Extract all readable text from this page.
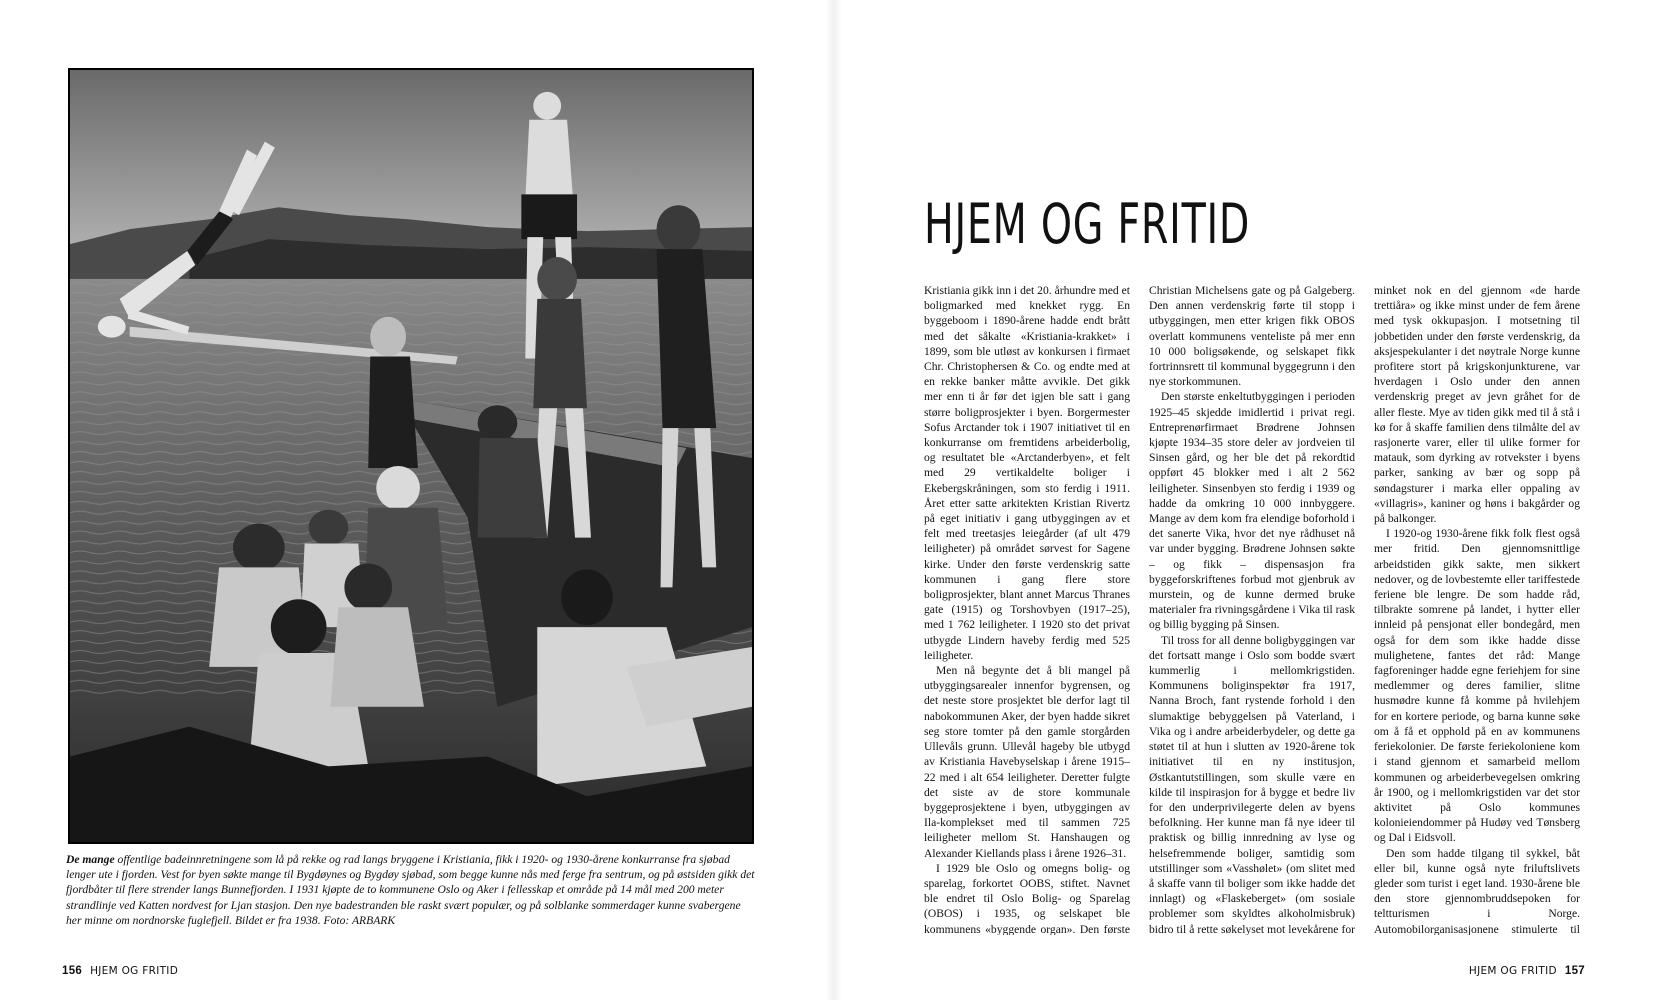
De mange offentlige badeinnretningene som lå på rekke og rad langs bryggene i Kristiania, fikk i 1920- og 1930-årene konkurranse fra sjøbad lenger ute i fjorden. Vest for byen søkte mange til Bygdøynes og Bygdøy sjøbad, som begge kunne nås med ferge fra sentrum, og på østsiden gikk det fjordbåter til flere strender langs Bunnefjorden. I 1931 kjøpte de to kommunene Oslo og Aker i fellesskap et område på 14 mål med 200 meter strandlinje ved Katten nordvest for Ljan stasjon. Den nye badestranden ble raskt svært populær, og på solblanke sommerdager kunne svabergene her minne om nordnorske fuglefjell. Bildet er fra 1938. Foto: ARBARK
156 HJEM OG FRITID
HJEM OG FRITID

Kristiania gikk inn i det 20. århundre med et boligmarked med knekket rygg. En byggeboom i 1890-årene hadde endt brått med det såkalte «Kristiania-krakket» i 1899, som ble utløst av konkursen i firmaet Chr. Christophersen & Co. og endte med at en rekke banker måtte avvikle. Det gikk mer enn ti år før det igjen ble satt i gang større boligprosjekter i byen. Borgermester Sofus Arctander tok i 1907 initiativet til en konkurranse om fremtidens arbeiderbolig, og resultatet ble «Arctanderbyen», et felt med 29 vertikaldelte boliger i Ekebergskråningen, som sto ferdig i 1911. Året etter satte arkitekten Kristian Rivertz på eget initiativ i gang utbyggingen av et felt med treetasjes leiegårder (af ult 479 leiligheter) på området sørvest for Sagene kirke. Under den første verdenskrig satte kommunen i gang flere store boligprosjekter, blant annet Marcus Thranes gate (1915) og Torshovbyen (1917–25), med 1 762 leiligheter. I 1920 sto det privat utbygde Lindern haveby ferdig med 525 leiligheter.

Men nå begynte det å bli mangel på utbyggingsarealer innenfor bygrensen, og det neste store prosjektet ble derfor lagt til nabokommunen Aker, der byen hadde sikret seg store tomter på den gamle storgården Ullevåls grunn. Ullevål hageby ble utbygd av Kristiania Havebyselskap i årene 1915–22 med i alt 654 leiligheter. Deretter fulgte det siste av de store kommunale byggeprosjektene i byen, utbyggingen av Ila-komplekset med til sammen 725 leiligheter mellom St. Hanshaugen og Alexander Kiellands plass i årene 1926–31.

I 1929 ble Oslo og omegns bolig- og sparelag, forkortet OOBS, stiftet. Navnet ble endret til Oslo Bolig- og Sparelag (OBOS) i 1935, og selskapet ble kommunens «byggende organ». Den første

Christian Michelsens gate og på Galgeberg. Den annen verdenskrig førte til stopp i utbyggingen, men etter krigen fikk OBOS overlatt kommunens venteliste på mer enn 10 000 boligsøkende, og selskapet fikk fortrinnsrett til kommunal byggegrunn i den nye storkommunen.

Den største enkeltutbyggingen i perioden 1925–45 skjedde imidlertid i privat regi. Entreprenørfirmaet Brødrene Johnsen kjøpte 1934–35 store deler av jordveien til Sinsen gård, og her ble det på rekordtid oppført 45 blokker med i alt 2 562 leiligheter. Sinsenbyen sto ferdig i 1939 og hadde da omkring 10 000 innbyggere. Mange av dem kom fra elendige boforhold i det sanerte Vika, hvor det nye rådhuset nå var under bygging. Brødrene Johnsen søkte – og fikk – dispensasjon fra byggeforskriftenes forbud mot gjenbruk av murstein, og de kunne dermed bruke materialer fra rivningsgårdene i Vika til rask og billig bygging på Sinsen.

Til tross for all denne boligbyggingen var det fortsatt mange i Oslo som bodde svært kummerlig i mellomkrigstiden. Kommunens boliginspektør fra 1917, Nanna Broch, fant rystende forhold i den slumaktige bebyggelsen på Vaterland, i Vika og i andre arbeiderbydeler, og dette ga støtet til at hun i slutten av 1920-årene tok initiativet til en ny institusjon, Østkantutstillingen, som skulle være en kilde til inspirasjon for å bygge et bedre liv for den underprivilegerte delen av byens befolkning. Her kunne man få nye ideer til praktisk og billig innredning av lyse og helsefremmende boliger, samtidig som utstillinger som «Vasshølet» (om slitet med å skaffe vann til boliger som ikke hadde det innlagt) og «Flaskeberget» (om sosiale problemer som skyldtes alkoholmisbruk) bidro til å rette søkelyset mot levekårene for

minket nok en del gjennom «de harde trettiåra» og ikke minst under de fem årene med tysk okkupasjon. I motsetning til jobbetiden under den første verdenskrig, da aksjespekulanter i det nøytrale Norge kunne profitere stort på krigskonjunkturene, var hverdagen i Oslo under den annen verdenskrig preget av jevn gråhet for de aller fleste. Mye av tiden gikk med til å stå i kø for å skaffe familien dens tilmålte del av rasjonerte varer, eller til ulike former for matauk, som dyrking av rotvekster i byens parker, sanking av bær og sopp på søndagsturer i marka eller oppaling av «villagris», kaniner og høns i bakgårder og på balkonger.

I 1920-og 1930-årene fikk folk flest også mer fritid. Den gjennomsnittlige arbeidstiden gikk sakte, men sikkert nedover, og de lovbestemte eller tariffestede feriene ble lengre. De som hadde råd, tilbrakte somrene på landet, i hytter eller innleid på pensjonat eller bondegård, men også for dem som ikke hadde disse mulighetene, fantes det råd: Mange fagforeninger hadde egne feriehjem for sine medlemmer og deres familier, slitne husmødre kunne få komme på hvilehjem for en kortere periode, og barna kunne søke om å få et opphold på en av kommunens feriekolonier. De første feriekoloniene kom i stand gjennom et samarbeid mellom kommunen og arbeiderbevegelsen omkring år 1900, og i mellomkrigstiden var det stor aktivitet på Oslo kommunes koloniеiendommer på Hudøy ved Tønsberg og Dal i Eidsvoll.

Den som hadde tilgang til sykkel, båt eller bil, kunne også nyte friluftslivets gleder som turist i eget land. 1930-årene ble den store gjennombruddsepoken for teltturismen i Norge. Automobilorganisasjonene stimulerte til

HJEM OG FRITID 157
